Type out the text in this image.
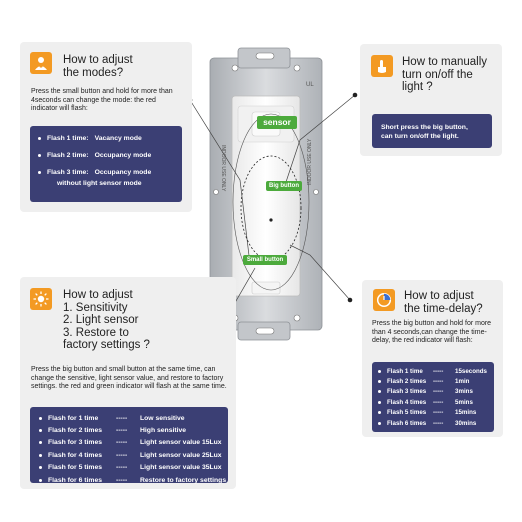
INDOOR USE ONLY	INDOOR USE ONLY
UL
sensor
Big button
Small button
How to adjust
the modes?
Press the small button and hold for more than 4seconds can change the mode: the red indicator will flash:
Flash 1 time: Vacancy mode
Flash 2 time: Occupancy mode
Flash 3 time: Occupancy mode
without light sensor mode
How to manually
turn on/off the
light ?
Short press the big button,
can turn on/off the light.
How to adjust
1. Sensitivity
2. Light sensor
3. Restore to
factory settings ?
Press the big button and small button at the same time, can change the sensitive, light sensor value, and restore to factory settings. the red and green indicator will flash at the same time.
Flash for 1 time	-----	Low sensitive
Flash for 2 times	-----	High sensitive
Flash for 3 times	-----	Light sensor value 15Lux
Flash for 4 times	-----	Light sensor value 25Lux
Flash for 5 times	-----	Light sensor value 35Lux
Flash for 6 times	-----	Restore to factory settings
How to adjust
the time-delay?
Press the big button and hold for more than 4 seconds,can change the time-delay, the red indicator will flash:
Flash 1 time	-----	15seconds
Flash 2 times	-----	1min
Flash 3 times	-----	3mins
Flash 4 times	-----	5mins
Flash 5 times	-----	15mins
Flash 6 times	-----	30mins
